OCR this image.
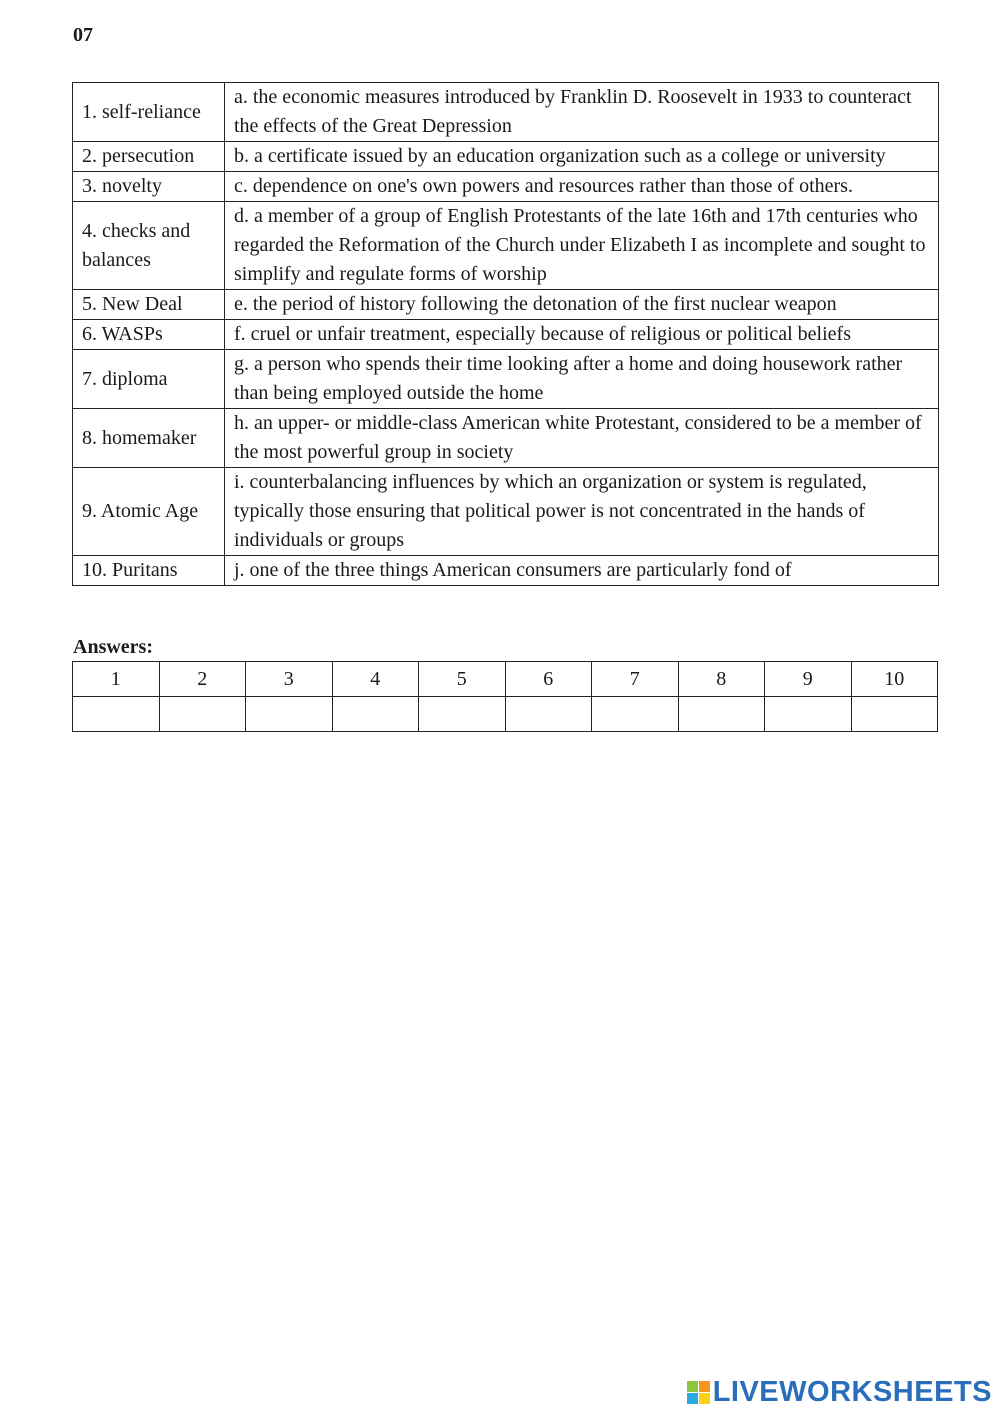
07
1. self-reliance	a. the economic measures introduced by Franklin D. Roosevelt in 1933 to counteract the effects of the Great Depression
2. persecution	b. a certificate issued by an education organization such as a college or university
3. novelty	c. dependence on one's own powers and resources rather than those of others.
4. checks and balances	d. a member of a group of English Protestants of the late 16th and 17th centuries who regarded the Reformation of the Church under Elizabeth I as incomplete and sought to simplify and regulate forms of worship
5. New Deal	e. the period of history following the detonation of the first nuclear weapon
6. WASPs	f. cruel or unfair treatment, especially because of religious or political beliefs
7. diploma	g. a person who spends their time looking after a home and doing housework rather than being employed outside the home
8. homemaker	h. an upper- or middle-class American white Protestant, considered to be a member of the most powerful group in society
9. Atomic Age	i. counterbalancing influences by which an organization or system is regulated, typically those ensuring that political power is not concentrated in the hands of individuals or groups
10. Puritans	j. one of the three things American consumers are particularly fond of
Answers:
1	2	3	4	5	6	7	8	9	10

LIVEWORKSHEETS
